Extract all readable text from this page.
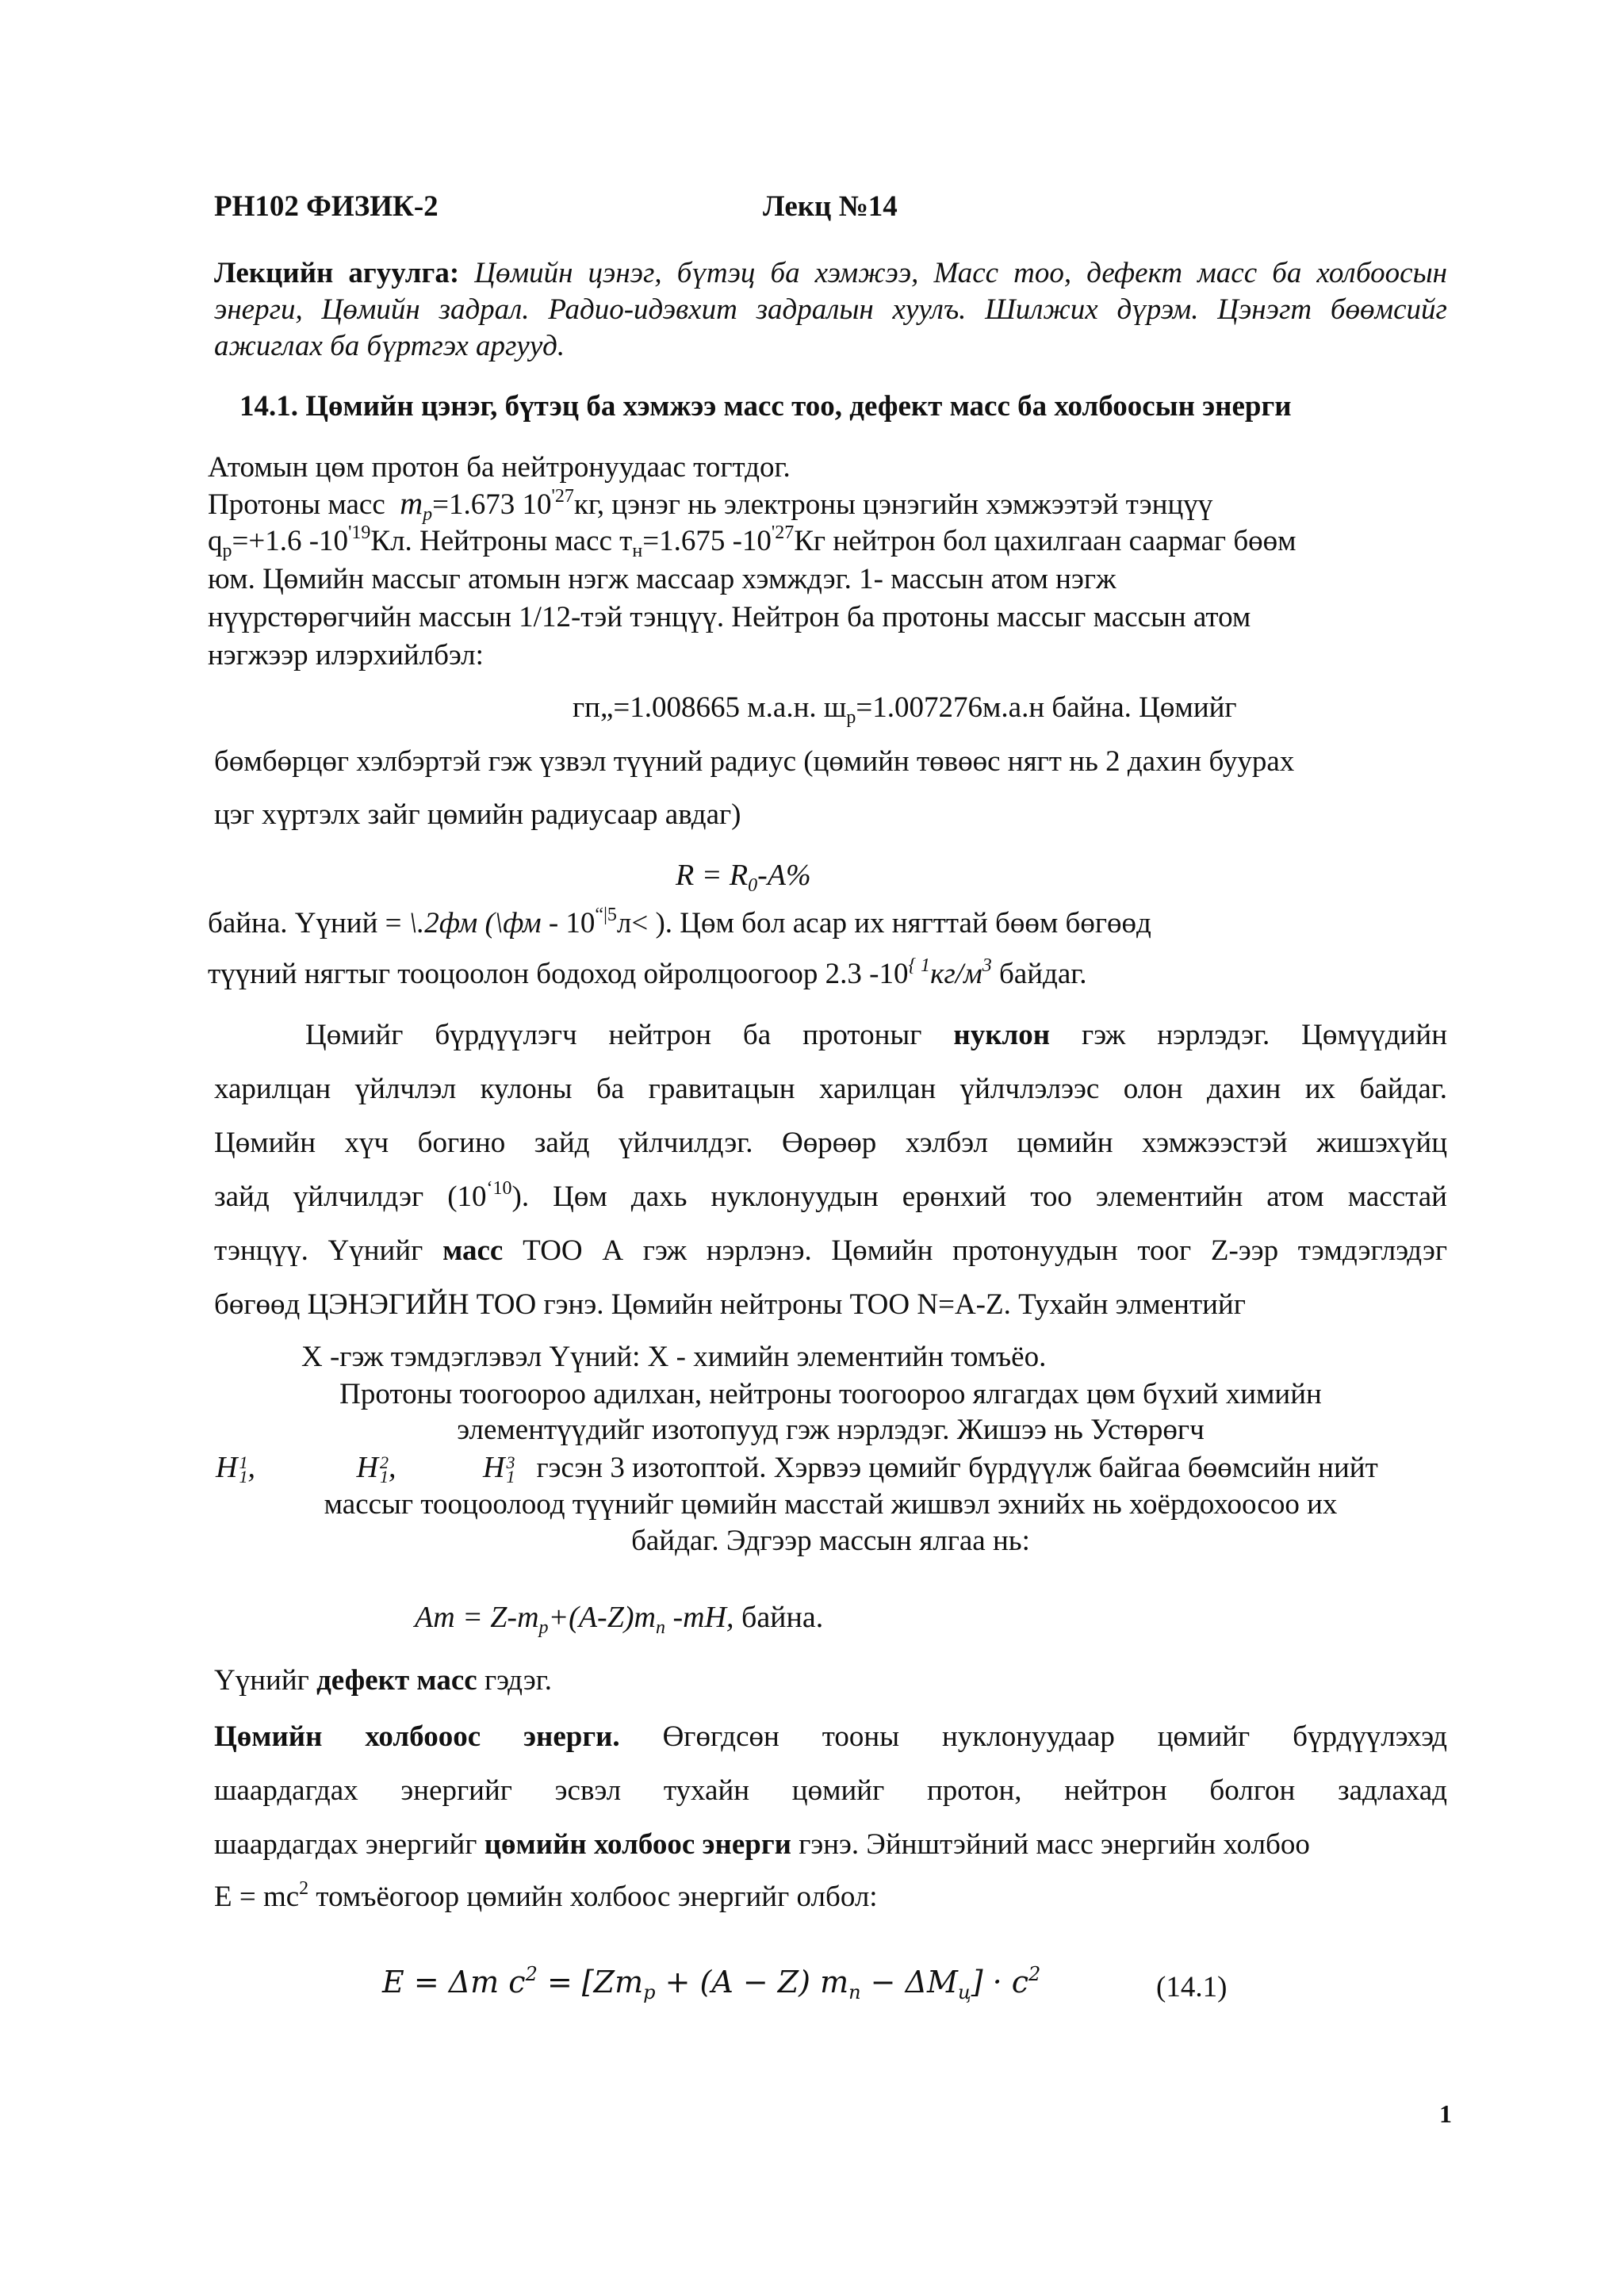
PH102 ФИЗИК-2	Лекц №14
Лекцийн агуулга: Цөмийн цэнэг, бүтэц ба хэмжээ, Масс тоо, дефект масс ба холбоосын энерги, Цөмийн задрал. Радио-идэвхит задралын хуулъ. Шилжих дүрэм. Цэнэгт бөөмсийг ажиглах ба бүртгэх аргууд.
14.1. Цөмийн цэнэг, бүтэц ба хэмжээ масс тоо, дефект масс ба холбоосын энерги
Атомын цөм протон ба нейтронуудаас тогтдог.
Протоны масс $m_p=1.673$ $10^{'27}кг$, цэнэг нь электроны цэнэгийн хэмжээтэй тэнцүү
$q_p=+1.6$ $-10^{'19}Кл$. Нейтроны масс $т_н=1.675$ $-10^{'27}Кг$ нейтрон бол цахилгаан саармаг бөөм
юм. Цөмийн массыг атомын нэгж массаар хэмждэг. 1- массын атом нэгж
нүүрстөрөгчийн массын 1/12-тэй тэнцүү. Нейтрон ба протоны массыг массын атом
нэгжээр илэрхийлбэл:
гп„=1.008665 м.а.н. $ш_р=1.007276м.а.н$ байна. Цөмийг
бөмбөрцөг хэлбэртэй гэж үзвэл түүний радиус (цөмийн төвөөс нягт нь 2 дахин буурах
цэг хүртэлх зайг цөмийн радиусаар авдаг)
$R = R_0-A\%$
байна. Үүний = \.2фм (\фм - $10^{“|5}л<$ ). Цөм бол асар их нягттай бөөм бөгөөд
түүний нягтыг тооцоолон бодоход ойролцоогоор 2.3 $-10^{\{ 1}кг/м^3$ байдаг.
Цөмийг бүрдүүлэгч нейтрон ба протоныг нуклон гэж нэрлэдэг. Цөмүүдийн
харилцан үйлчлэл кулоны ба гравитацын харилцан үйлчлэлээс олон дахин их байдаг.
Цөмийн хүч богино зайд үйлчилдэг. Өөрөөр хэлбэл цөмийн хэмжээстэй жишэхүйц
зайд үйлчилдэг $(10^{‘10})$. Цөм дахь нуклонуудын ерөнхий тоо элементийн атом масстай
тэнцүү. Үүнийг масс ТОО А гэж нэрлэнэ. Цөмийн протонуудын тоог Z-ээр тэмдэглэдэг
бөгөөд ЦЭНЭГИЙН ТОО гэнэ. Цөмийн нейтроны ТОО N=A-Z. Тухайн элментийг
X -гэж тэмдэглэвэл Үүний: X - химийн элементийн томъёо.
Протоны тоогоороо адилхан, нейтроны тоогоороо ялгагдах цөм бүхий химийн
элементүүдийг изотопууд гэж нэрлэдэг. Жишээ нь Устөрөгч
H 1
1 ,	H 2
1 ,	H 3
1 гэсэн 3 изотоптой. Хэрвээ цөмийг бүрдүүлж байгаа бөөмсийн нийт
массыг тооцоолоод түүнийг цөмийн масстай жишвэл эхнийх нь хоёрдохоосоо их
байдаг. Эдгээр массын ялгаа нь:
$Am = Z-m_p+(A-Z)m_n$ -mH, байна.
Үүнийг дефект масс гэдэг.
Цөмийн холбооос энерги. Өгөгдсөн тооны нуклонуудаар цөмийг бүрдүүлэхэд
шаардагдах энергийг эсвэл тухайн цөмийг протон, нейтрон болгон задлахад
шаардагдах энергийг цөмийн холбоос энерги гэнэ. Эйнштэйний масс энергийн холбоо
$E = mc^2$ томъёогоор цөмийн холбоос энергийг олбол:
E = Δm $c^2 = [Zm_p + (A - Z) m_n - \Delta M_ц] \cdot c^2$	(14.1)
1
